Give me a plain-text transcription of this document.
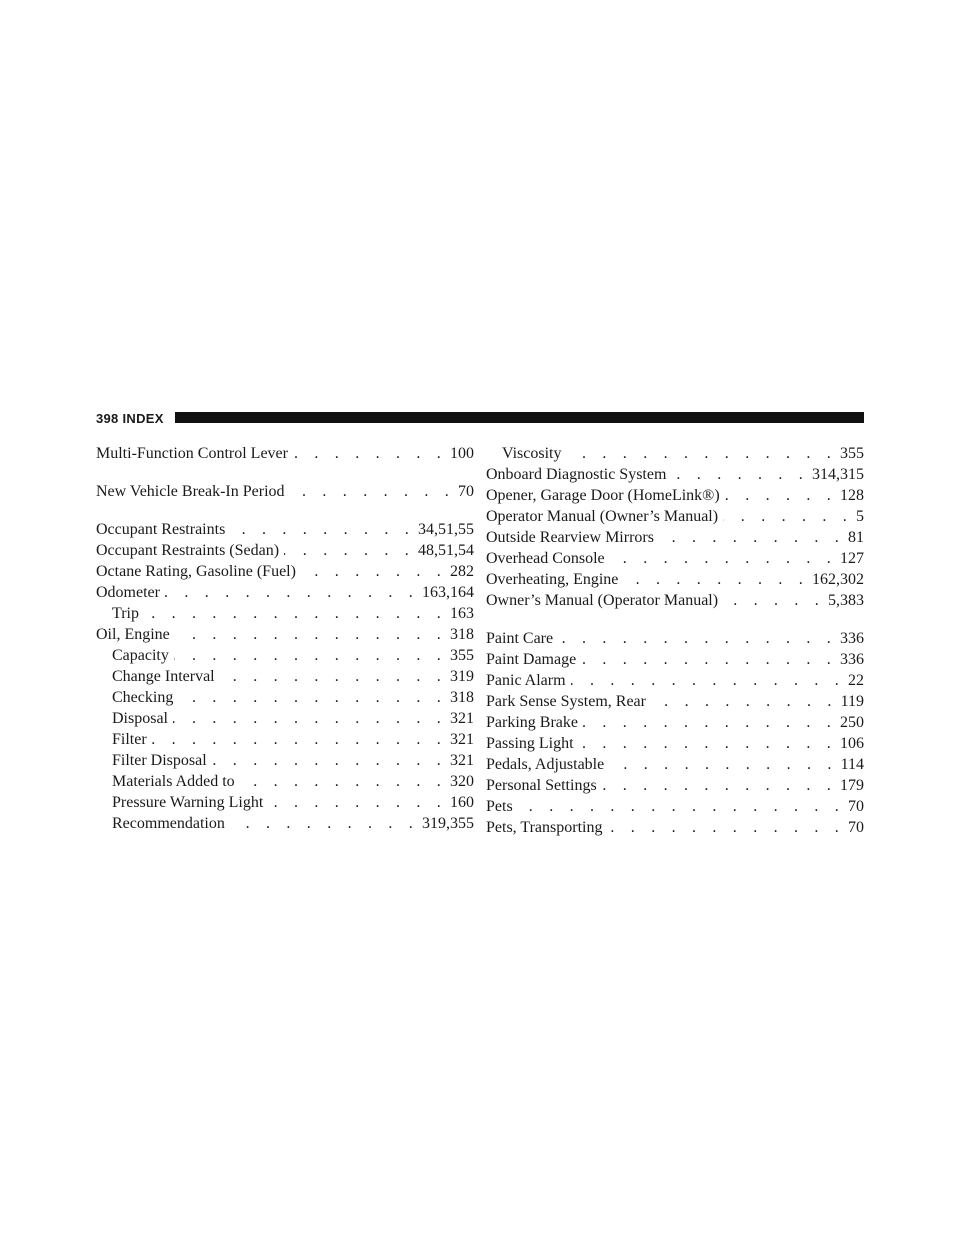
398 INDEX
Multi-Function Control Lever . . .	100
New Vehicle Break-In Period . . .	70
Occupant Restraints . . .	34,51,55
Occupant Restraints (Sedan) . . .	48,51,54
Octane Rating, Gasoline (Fuel) . . .	282
Odometer . . .	163,164
Trip . . .	163
Oil, Engine . . .	318
Capacity . . .	355
Change Interval . . .	319
Checking . . .	318
Disposal . . .	321
Filter . . .	321
Filter Disposal . . .	321
Materials Added to . . .	320
Pressure Warning Light . . .	160
Recommendation . . .	319,355
Viscosity . . .	355
Onboard Diagnostic System . . .	314,315
Opener, Garage Door (HomeLink®) . . .	128
Operator Manual (Owner’s Manual) . . .	5
Outside Rearview Mirrors . . .	81
Overhead Console . . .	127
Overheating, Engine . . .	162,302
Owner’s Manual (Operator Manual) . . .	5,383
Paint Care . . .	336
Paint Damage . . .	336
Panic Alarm . . .	22
Park Sense System, Rear . . .	119
Parking Brake . . .	250
Passing Light . . .	106
Pedals, Adjustable . . .	114
Personal Settings . . .	179
Pets . . .	70
Pets, Transporting . . .	70
